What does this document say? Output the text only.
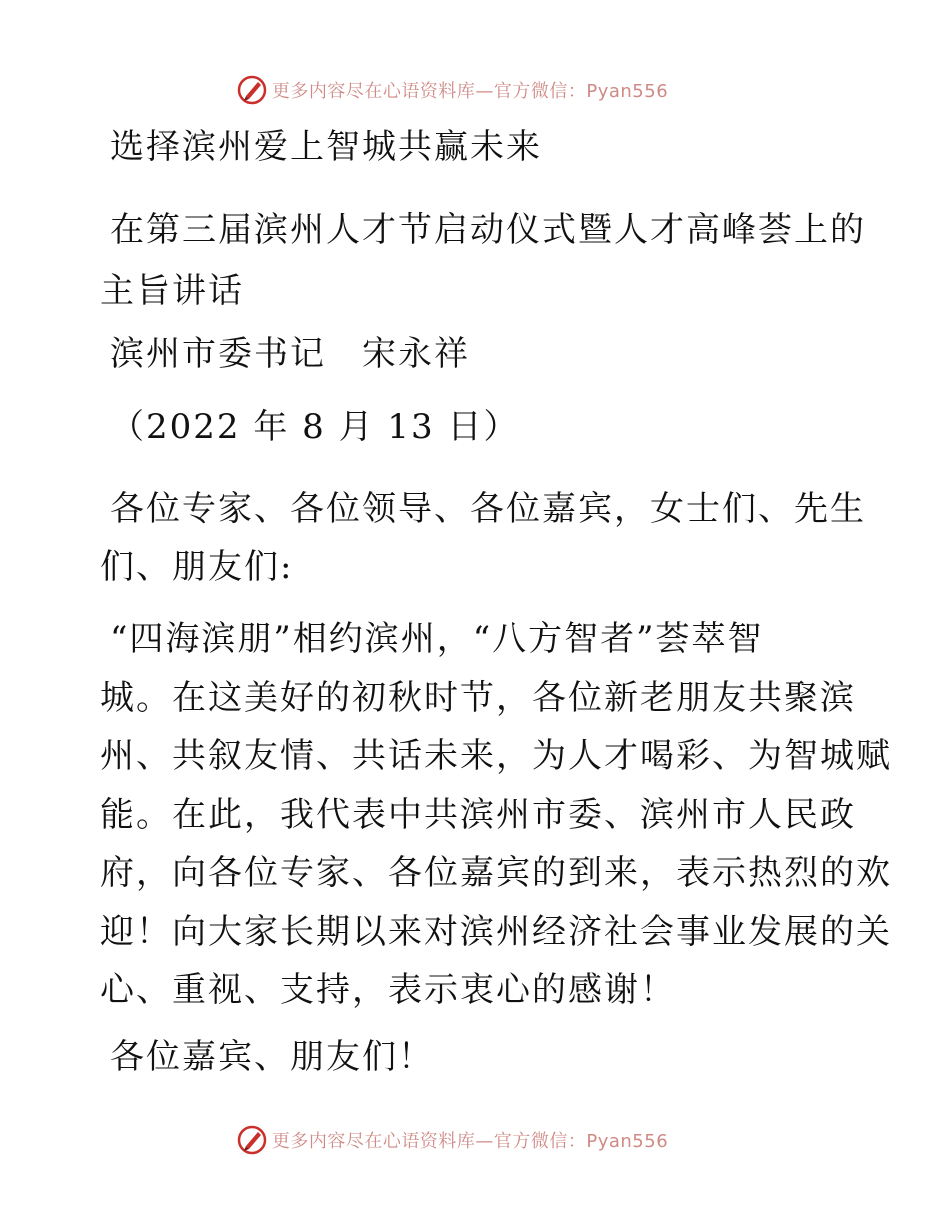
更多内容尽在心语资料库—官方微信：Pyan556
选择滨州爱上智城共赢未来
在第三届滨州人才节启动仪式暨人才高峰荟上的
主旨讲话
滨州市委书记　宋永祥
（2022 年 8 月 13 日）
各位专家、各位领导、各位嘉宾，女士们、先生
们、朋友们:
“四海滨朋”相约滨州，“八方智者”荟萃智
城。在这美好的初秋时节，各位新老朋友共聚滨
州、共叙友情、共话未来，为人才喝彩、为智城赋
能。在此，我代表中共滨州市委、滨州市人民政
府，向各位专家、各位嘉宾的到来，表示热烈的欢
迎！向大家长期以来对滨州经济社会事业发展的关
心、重视、支持，表示衷心的感谢！
各位嘉宾、朋友们！
更多内容尽在心语资料库—官方微信：Pyan556
